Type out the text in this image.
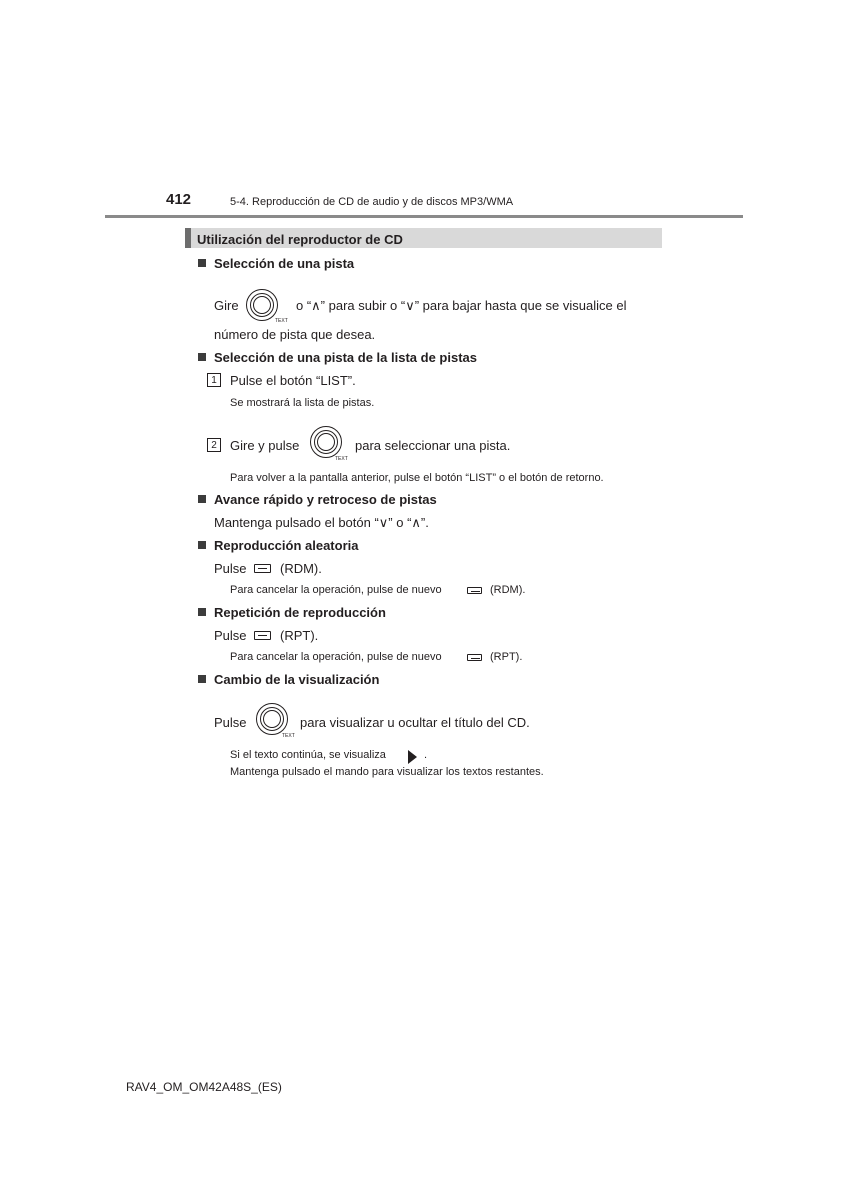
412	5-4. Reproducción de CD de audio y de discos MP3/WMA
Utilización del reproductor de CD
Selección de una pista
Gire
TEXT
o “∧” para subir o “∨” para bajar hasta que se visualice el
número de pista que desea.
Selección de una pista de la lista de pistas
1	Pulse el botón “LIST”.
Se mostrará la lista de pistas.
2	Gire y pulse
TEXT
para seleccionar una pista.
Para volver a la pantalla anterior, pulse el botón “LIST” o el botón de retorno.
Avance rápido y retroceso de pistas
Mantenga pulsado el botón “∨” o “∧”.
Reproducción aleatoria
Pulse	(RDM).
Para cancelar la operación, pulse de nuevo	(RDM).
Repetición de reproducción
Pulse	(RPT).
Para cancelar la operación, pulse de nuevo	(RPT).
Cambio de la visualización
Pulse
TEXT
para visualizar u ocultar el título del CD.
Si el texto continúa, se visualiza	.
Mantenga pulsado el mando para visualizar los textos restantes.
RAV4_OM_OM42A48S_(ES)
